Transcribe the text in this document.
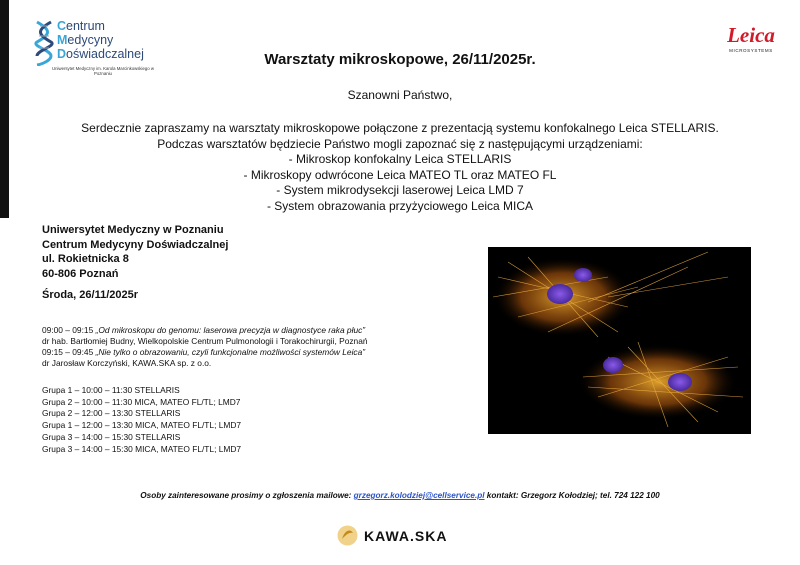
Centrum
Medycyny
Doświadczalnej
Uniwersytet Medyczny im. Karola Marcinkowskiego w Poznaniu
Leica
MICROSYSTEMS
Warsztaty mikroskopowe, 26/11/2025r.
Szanowni Państwo,
Serdecznie zapraszamy na warsztaty mikroskopowe połączone z prezentacją systemu konfokalnego Leica STELLARIS.
Podczas warsztatów będziecie Państwo mogli zapoznać się z następującymi urządzeniami:
- Mikroskop konfokalny Leica STELLARIS
- Mikroskopy odwrócone Leica MATEO TL oraz MATEO FL
- System mikrodysekcji laserowej Leica LMD 7
- System obrazowania przyżyciowego Leica MICA
Uniwersytet Medyczny w Poznaniu
Centrum Medycyny Doświadczalnej
ul. Rokietnicka 8
60-806 Poznań
Środa, 26/11/2025r
09:00 – 09:15 „Od mikroskopu do genomu: laserowa precyzja w diagnostyce raka płuc”
dr hab. Bartłomiej Budny, Wielkopolskie Centrum Pulmonologii i Torakochirurgii, Poznań
09:15 – 09:45 „Nie tylko o obrazowaniu, czyli funkcjonalne możliwości systemów Leica”
dr Jarosław Korczyński, KAWA.SKA sp. z o.o.
Grupa 1 – 10:00 – 11:30 STELLARIS
Grupa 2 – 10:00 – 11:30 MICA, MATEO FL/TL; LMD7
Grupa 2 – 12:00 – 13:30 STELLARIS
Grupa 1 – 12:00 – 13:30 MICA, MATEO FL/TL; LMD7
Grupa 3 – 14:00 – 15:30 STELLARIS
Grupa 3 – 14:00 – 15:30 MICA, MATEO FL/TL; LMD7
Osoby zainteresowane prosimy o zgłoszenia mailowe: grzegorz.kolodziej@cellservice.pl kontakt: Grzegorz Kołodziej; tel. 724 122 100
KAWA.SKA
